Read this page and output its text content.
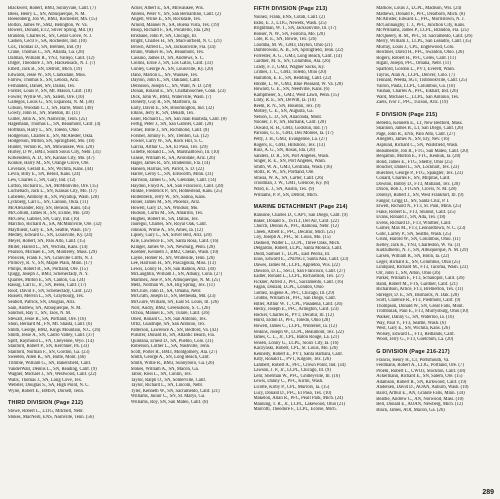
Blackwell, Robert, BM3, Sunnyvale, Calif. (7)

Bless, Henry L., SN, Albuquerque, N. M.

Boesenberg, Jon W., BM3, Rochester, Mn. (15)

Bolton, James W., SM2, Belington, W. Va.

Bowers, Donald, ET2, Silver Spring, Md. (8)

Brandon, Charles R., SN, Cedar Grove, N. J.

Cashen, Cecil F., SA, Rochester, Ind. (10)

Cox, Thomas D., SN, Bremen, Ind. (9)

Crane, Thomas C., SN, Atlanta, Ga. (28)

Dalman, William R., YN3, Vallejo, Calif. (12)

Dilger, Theodore J., SN, Hackensack, N. J. (7)

Elbert, Jack B., SN, Detroit, Mich. (19)

Edwards, Jesse W., SN, Clarksdale, Miss.

Farrow, Thomas S., SN, Lenora, Ariz.

Fernandez, Daniel, SN, Dallas, Tex.

Forster, Louis P., SN, Mt. Mason, Calif. (18)

Fowler, Wyllie W., SN, Salem, Ore. (10)

Gallegos, Louis G., SN, Espanola, N. M. (30)

Gibson, Woodall C. J., SN, Barre, Mont. (49)

Gowty, John B., SN, Sheldon, Ill. (11)

Guller, John A., SN, Nashville, Tenn. (25)

Hagemann, Thomas L., SN, Beaumont, Calif. (4)

Hoffman, Harry L., SN, Toledo, Ohio

Hodgerson, Charles E., SN, McAlester, Okla.

Hodgerson, Milton, SN, Springfield, Mo. (18)

Hunter, Vernon R., SN, Milwaukee, Wis. (20)

Hurley, D W., BM3, South Sioux City, Nebr. (31)

Kirkenstein, A. D., SN, Kansas City, Mo. (47)

Konkle, Harry M., SN, Orange Grove, Ore.

Lovelace, Gerald E., SN, Wichita, Kans. (44)

Levin, Billy E., SN, Beloit, Kans. (24)

Lew, Charles J., SN, Gary, Ind. (12)

Lofton, Richard E., SA, McMinnville, Ore. (15)

Luchebach, Jack L., SN, Kansas City, Mo. (17)

Lubeleki, Anthony R., SN, Puyallup, Wash. (28)

Lyckberg, Carl L., SN, Cannon, Okla. (11)

McAlexander, Roy, SN, Benson, Kans. (45)

McCollum, James R., SN, Exline, Mo. (20)

McGrew, Gabriel, SN, Gary, Ind. (16)

Marchio, Richard A., SA, McMinnville, Ore. (32)

Mayfluent, Gary E., SA, Seattle, Wash. (47)

Medley, Edward G., SN, Louisville, Ky. (24)

Meyer, Robert, SN, Palo Alto, Calif. (15)

Miller, Harold L., SN, Wichita, Kans. (14)

Pearson, Michael E., SN, Monterey, Mass. (29)

Prosicek, Frank F., SN, Granville Cliffs, N. J.

Primovy, R. V., SN, Maple Plain, Minn. (17)

Philips, Robert B., SA, Portland, Ore. (15)

Quigg, Joseph J., BM3, Schenectady, N. Y.

Quarles, Milton E., SN, Canton, Ga. (24)

Rassig, Carl E., Jr., SN, Berea, Calif. (17)

Roof, David F., SN, Schenectady, Calif. (22)

Russell, Melvin L., SN, Graybourg, Tex.

Seabolt, Patrick, SN, Douglas, Ariz.

Sain, Andrew, SN, Albuquerque, N. M.

Sanchez, Ray T., SN, Taos, N. M.

Stewart, Jesse R., SA, Portland, Ore. (16)

Shon, Bernard M., FN, Mt. Shasta, Calif. (6)

Smith, George, BM2, Kings Mountain, N.C. (26)

Smith, Jesse A., SN, Castro Valley, Calif. (37)

Spiff, Raymond L., FN, Cheyenne, Wyo. (14)

Stanford, Robert P., SN, Kerchner, Pa. (33)

Stanford, Norman F., SN, Gordon, Ga. (23)

Sweeten, Allen K., SN, Butte, Mont. (46)

Trimble, William G., SN, Bakersfield, Calif.

VanderWall, Dennis L., SN, Reading, Calif. (9)

Wagner, Michael J., SN, Westwood, Calif. (22)

Walls, Thomas J., SN, Long Cove, Tex.

Webster, Douglas S., SA, High Point, N. C.

Wylie, Robert E., BMSN, Dorsett, Tenn.

THIRD DIVISION (Page 212)

Stowe, Robert L., LTJG, Mitchell, Nebr.

Stokes, MacNeill, ENS, Nashville, Tenn. (56)

Acker, Albert E., SA, Milwaukee, Wis.

Ahrens, Peter V., SN, San Bernardino, Calif. (2)

Angell, Willie E., SN, Rockdale, Tex.

Arnold, Manuel N., SA, Buena Vista, Tex. (19)

Bisop, Richard F., SA, Pocatello, Ida. (28)

Brisbane, John P., SN, Chicago, Ill.

Bright, Charles H., SN, MacFairfield, N. C. (21)

Brown, Alfred L., SA, Jacksonville, Fla. (34)

Brunn, Walker H., SA, Beaumont, Tex.

Cassino, James D., SN, Andrews, S. C.

Collins, Ernie J., SN, Los Gatos, Calif. (33)

Conley, George A., SN, Louisville, Ky. (20)

Dano, Marion L., SN, Waukee, Tex.

Dayton, John E., SN, Oakland, Calif.

Dennison, Joseph C., SN, Wahr, N. D. (29)

Donan, Roland E., SN, Chattahoochee, Conn. (23)

Dick, John W., BM3, Waterville, Wash. (7)

Doherty, Guy R., SN, Marlboro, Ia.

Early, David E., SN, Bloomington, Ind. (32)

Elkins, Jerry R., SN, Dekalb, Tex.

Essel, Richard L., SN, San Juan Bautista, Calif. (8)

Fertig, Peter J., SN, San Gabriel, Calif. (28)

Fisher, Billie J., SN, Richmond, Calif. (8)

Forsher, Johnny F., SN, Trenton, Ga. (12)

Fowler, Larry W., SA, Rock Hill, S. C.

Garcia, Arthur C., SA, El Paso, Tex. (29)

Gillette, Ronald L., SA, Marshalltown, Ill. (10)

Glasse, William R., SA, Avondale, Ariz. (26)

Hager, James R., SN, Bradenton, Fla. (14)

Hansen, Harrias, SN, Parrot, S. D. (22)

Harrer, Leroy C., SN, Ellsworth, Minn. (31)

Harrison, James G., SA, Glendale, Calif. (14)

Haydon, Floyd A., SA, San Francisco, Calif. (28)

Hinkle, Frederick P., SN, Homestead, Kans. (25)

Hollenbeck, Jerry W., SN, Salina, Kans.

Honer, James M., SN, Phoenix, Ariz.

Howell, Gary D., SA, Windsor, Mo.

Hudson, Curtis M., SA, Amarillo, Tex.

Hughes, Robert H., SA, Dallas, Tex.

Jauregui, Charles, SN, Royal Oak, Calif.

Johnson, Willie A., SN, Ames, Ia. (12)

Lipsey, Gary L., SA, Silver Bell, Ariz. (20)

Kile, Lawrence E., SN, Santa Rosa, Calif. (16)

Klinger, James W., SA, Newburg, Penn. (28)

Koehler, Kenneth J., BM2, Chelan, Wash. (10)

Layne, Homer R., SN, Whiteside, Tenn. (26)

Lee, Harrison H., SN, Pascagoula, Miss. (13)

Lewis, Lonny H., SN, San Ramon, Ariz. (30)

McLaughlin, William J., SN, Albany, Conn. (27)

Martinez, Jose P., SN, Albuquerque, N. M. (25)

Metz, Norman W., SA, Big Spring, Tex. (11)

McClure, John D., SA, Omaha, Nebr.

McGrath, Joseph D., SN, Bethesda, Md. (23)

McGuire, William, SN, East St. Louis, Ill. (26)

Norr, Audry, BM2, Greensboro, S. C. (26)

Ochoa, Manuel E., SN, Tulare, Calif. (26)

Oneil, Ronald C., SN, San Antonio, Tex.

Ortiz, Guadrupe, SN, San Antonio, Tex.

Patterson, Lawrence A., SN, Bedford, Va. (43)

Pulsifer, Donald H., SN, Atlantic Beach, Fla.

Quintana, Ernest D., SN, Pueblo, Colo. (31)

Roberson, Luther L., SA, Nashville, Tenn.

Scott, Porter R., BM3, Montgomery, Ala. (27)

Smith, George A., SN, Long Beach, Calif.

Smith, Willie R., BM3, Sunnyboro, Ga. (26)

Stokes, William A., SN, Macon, Ga.

Tabor, Ross L., SN, Conlin, Tex.

Taylor, Ralph O., SN, Somerville, Calif.

Taylor, Richard L., SN, Lincoln, Nebr.

Tyler, Kenneth W., SN, Sacramento, Calif. (21)

Williams, Junior C., SN, St. Marys, Ga.

Williams, Roy, SN, San Mateo, Calif. (8)

FIFTH DIVISION (Page 213)

Nuinez, Frank, ENS, Cotati, Calif. (2)

Ekbo, E. J., LTJG, Newelk, Wash. (25)

Brightman, W. T., SN, Jacksonville, Ill. (17)

Bonser, N. W., SN, Fostoria, Mo. (20)

Cole, R. E., SN, Bowie, Tex. (26)

Coomba, M. W., GM3, Dayton, Ohio (21)

Dambrowski, A. B., SN, Springfield, Tenn. (22)

Forrester, A. G., GM3, Long Beach, Calif. (14)

Gardner, M. S., SN, Columbus, Ala. (26)

Grady, F. J., GM3, Wagner Sacks, Ky.

Grimes, J. C., GM3, Toledo, Ohio (20)

Hamilton, E. E., SN, Redding, Calif. (22)

Hindle, L. W., GM3, Blue Pleasant, W. Va. (28)

Howard, G. E., SN, Needville, Kans. (6)

Kampmeier, S., GM3, West Lawn, Penn. (15)

Linty, R. E., SN, DeWitt, Ia. (10)

Reehl, R. N., SN, Houston, Tex. (9)

Motley, C. E., SN, Augusta, Ga.

Nelson, L. D., SN, Anaconda, Mont.

Nooner, J. P., SN, Burbank, Calif. (20)

Oswald, R. H., GM3, Godsrun, Ind. (7)

Parsons, G. E., GM3, Des Moines, Ia. (17)

Petty, J. H., GM3, Evangeline, La. (27)

Rogers, E., GM3, Hillsboro, Tex. (13)

Ruiz, A. G., SN, Rosas, Ida. (20)

Sanders, D. R., SN, Port Angeles, Wash.

Singer, R. E., SN, Port Angeles, Wash.

Smith, W. A., GM3, Centralia, Wash. (16)

Stoltz, R. W., SN, Portland, Ore.

Strasia, W. A., SN, Carter, Calif. (26)

Troutman, J. W., GM1, Glencoe, Ky. (8)

Ward, E. J., SN, Austin, Tex. (9)

Williams, P. P., SN, Detroit, Mich.

MARINE DETACHMENT (Page 214)

Ransone, Charles D., CAPT, San Diego, Calif. (9)

Baker, Donald S., 1STLT, Del Air, Calif. (22)

Church, Dennis A., PFC, Ramona, Nebr. (12)

Cheek, Albert E., PFC, Decatur, Mich. (25)

Coy, Joseph A., PFC, St. Louis, Mo. (15)

Dashiell, Walter L., LCPL, Three Oaks, Mich.

Delgardio, Robert, LCPL, Santa Monica, Calif.

Dodd, Samuel T., LCPL, East Peoria, Ill.

Enos, Edward E., 2NDSGT, Santa Ana, Calif. (23)

Dawes, James M., LCPL, Appleton, Wis. (22)

Dawson, D. L., SSGT, San Francisco, Calif. (27)

Eadler, Ronald L., LCPL, Richardson, Tex. (27)

Fickner, Alfred J., PFC, Sacramento, Calif. (16)

Fagan, Donald, LCPL, London, Ohio

Gomez, Eugene A., PFC, Chicago, Ill. (29)

Grubbs, William H., PFC, San Diego, Calif.

Hitler, Arthur W. T., CPL, Pasadena, Calif. (26)

Hecky, Joseph E., PFC, Arlington, Calif. (23)

Hocker, Charles R., PVT, Decatur, Ill. (12)

Hurst, Eldon D., PFC, Toledo, Ohio (28)

Howell, James C., LCPL, Winterset, Ia. (12)

Jenkins, Joseph W., LCPL, Beaumont, Tex. (22)

James, C. L., Jr., CPL, Baton Rouge, La. (21)

Jensen, Lonny G., LCPL, Sioux City, Ia. (16)

Kaczynski, Robert, CPL, St. Louis, Mo. (26)

Kennedy, Robert E., PVT, Santa Barbara, Calif.

Kilty, Ronald L., PVT, Kilgore, Tex. (26)

Lambert, Robert A., PFC, Crown Point, Ind. (34)

Lawson, J. P., Jr., LCPL, Chicago, Ill. (9)

Lehr, Sherman W., PFC, Gridleyville, Ill. (16)

Lewis, Danny C., PFC, Kirlin, Wash.

Licotte, Kirby P., CPL, Murrors, Ia. (15)

Lucy, Donald D., PFC, El Paso, Tex. (10)

Makelon, Allan R., PFC, Pearl Park, Mich. (24)

Manning, T. R., Jr., LCPL, Lakewood, Ohio (21)

Marcotti, Theodore F., LCPL, Ecorse, Mich.

Markow, Louis J., LCPL, Madison, Wis. (24)

Mathews, Donald F., PFC, Dearborn, Mich. (8)

McAllister, Edward L., PFC, Morristown, N. J.

McGonnaughy, T. J., PFC, Junction City, Kans.

McWilliams, James P., LCPL, Brandon, Fla. (25)

McQueery, R. M., PFC, St. Sacramento, Calif. (26)

Merry, William J., LCPL, San Leandro, Calif. (35)

Murray, Louis J., CPL, Englewood, Colo.

Reichner, David H., PFC, Swanton, Ohio. (26)

Rogers, Robert H., PFC, Ceres, Calif. (11)

Rigall, Joseph, PFC, Omaha, Nebr. (11)

Spafford, Gordon L., PVT, Everett, Wash.

Tayrus, Alan A., LCPL, Denver, Colo. (7)

Tennant, Weeda, SGT, Tishbookville, Calif. (25)

Vairon, Paula, LCPL, Columbus, Ga. (10)

Vauhan, Charles A., PFC, Elkhart, Ind. (26)

Ward, Michael C., LCPL, San Antonio, Tex.

Zaels, Ivor J., PFC, Tucson, Ariz. (19)

F DIVISION (Page 215)

Bebello, Kenneth E., LT, New Bedford, Mass.

Shannon, James B., LT, San Diego, Calif. (26)

Page, John R., ENS, Palo Alto, Calif. (27)

Allegreti, James N., SN, Ely, Nev. (16)

Asplund, Richard C., SN, Waitsfield, Wash.

Beaumestre, Jon R., FTG, San Mateo, Calif. (20)

Benjamin, Morton E., FTC, Keokuk, Ia. (28)

Bond, James E., FTG, Shelby, Ohio (25)

Boucher, Daniel L., SN, Lockhart, Tex. (23)

Buechler, George P., FTG, Spangler, Tex. (23)

Conard, Charles F., SN, Milpitas, Calif.

Dowton, Bobby D., FT3, Midland, Tex. (20)

Dixon, Bob J., FTGSN, Clovis, N. M. (28)

Dontsyl, Robert J., SN, West Frankfort, Ill. (9)

Fangor, Grigg D., SN, Santa Cruz, P. I.

Elwell, Richard N., FT3, St. Paul, Minn. (25)

Flake, Robert E., FT3, Shinnst, Calif. (25)

Evans, Ronald J., SN, Ada, Tex. (18)

Evens, Richard D., FT3, Whittier, Calif.

Garner, Max M., FT3, Leonardtown, N. C. (23)

Gohr, Larrey P., SN, Seattle, Wash. (25)

Gruhl, Harold W., SN, Columbus, Ohio. (11)

Kelley, Jack K., YN3, Charleston, W. Va. (3)

Kudzutherni, N. J., SN, Albuquerque, N. M. (29)

Larsen, William R., SN, Bolin, Ia. (22)

Leger, Richard E., SN, Columbus, Ohio (25)

Lindquist, Richard M., FT3, Tacoma, Wash. (23)

Orr, John T., SN, Alton, Ohio (26)

Parker, William F., FT3, Schanopol, Calif. (26)

Rand, Robert M., FTS, Gardner, Calif. (21)

Richardson, Arlice, FT3, Bremerton, Tex. (11)

Shreiger, D. E., SN, Bismarck, N. Dak. (28)

Scott, Clarence R., FT3, Piedmont, Calif. (9)

Thompson, Donald W., SN, Great Falls, Mont.

Trombulak, Paul E., FT3, Murrysburg, Ohio (10)

Walker, Danny G., SN, Waterloo, Ia. (16)

Way, Paul V., FT3, Seattle, Wash. (6)

West, Gary E., SN, Wichita, Kans. (26)

Wolsey, Edward L., FT3, Redlands, Calif.

Wood, Jerry G., FT3, Goetchim, La. (20)

G DIVISION (Page 216-217)

Francis, Henry H., LT, Portsmouth, Va.

Feldmann, Robert A., LTJG, Portland, Ore. (7)

Proehl, Robert L., CWO3, Stockton, Calif. (38)

Ackermann, Richard E., SN, Salem, Ore. (15)

Adamson, Robert R., SN, Kirkwood, Calif. (19)

Andersen, David D., AOAN, Auburn, Wash. (10)

Baird, Arthur E., AN, Granite Falls, Minn. (34)

Beattie, Andrew C., AN, Norwood, Mass. (10)

Bell, Donald E., AOAN, Newberg, Mich. (12)

Black, James, AOI, Macon, Ga. (26)

289
